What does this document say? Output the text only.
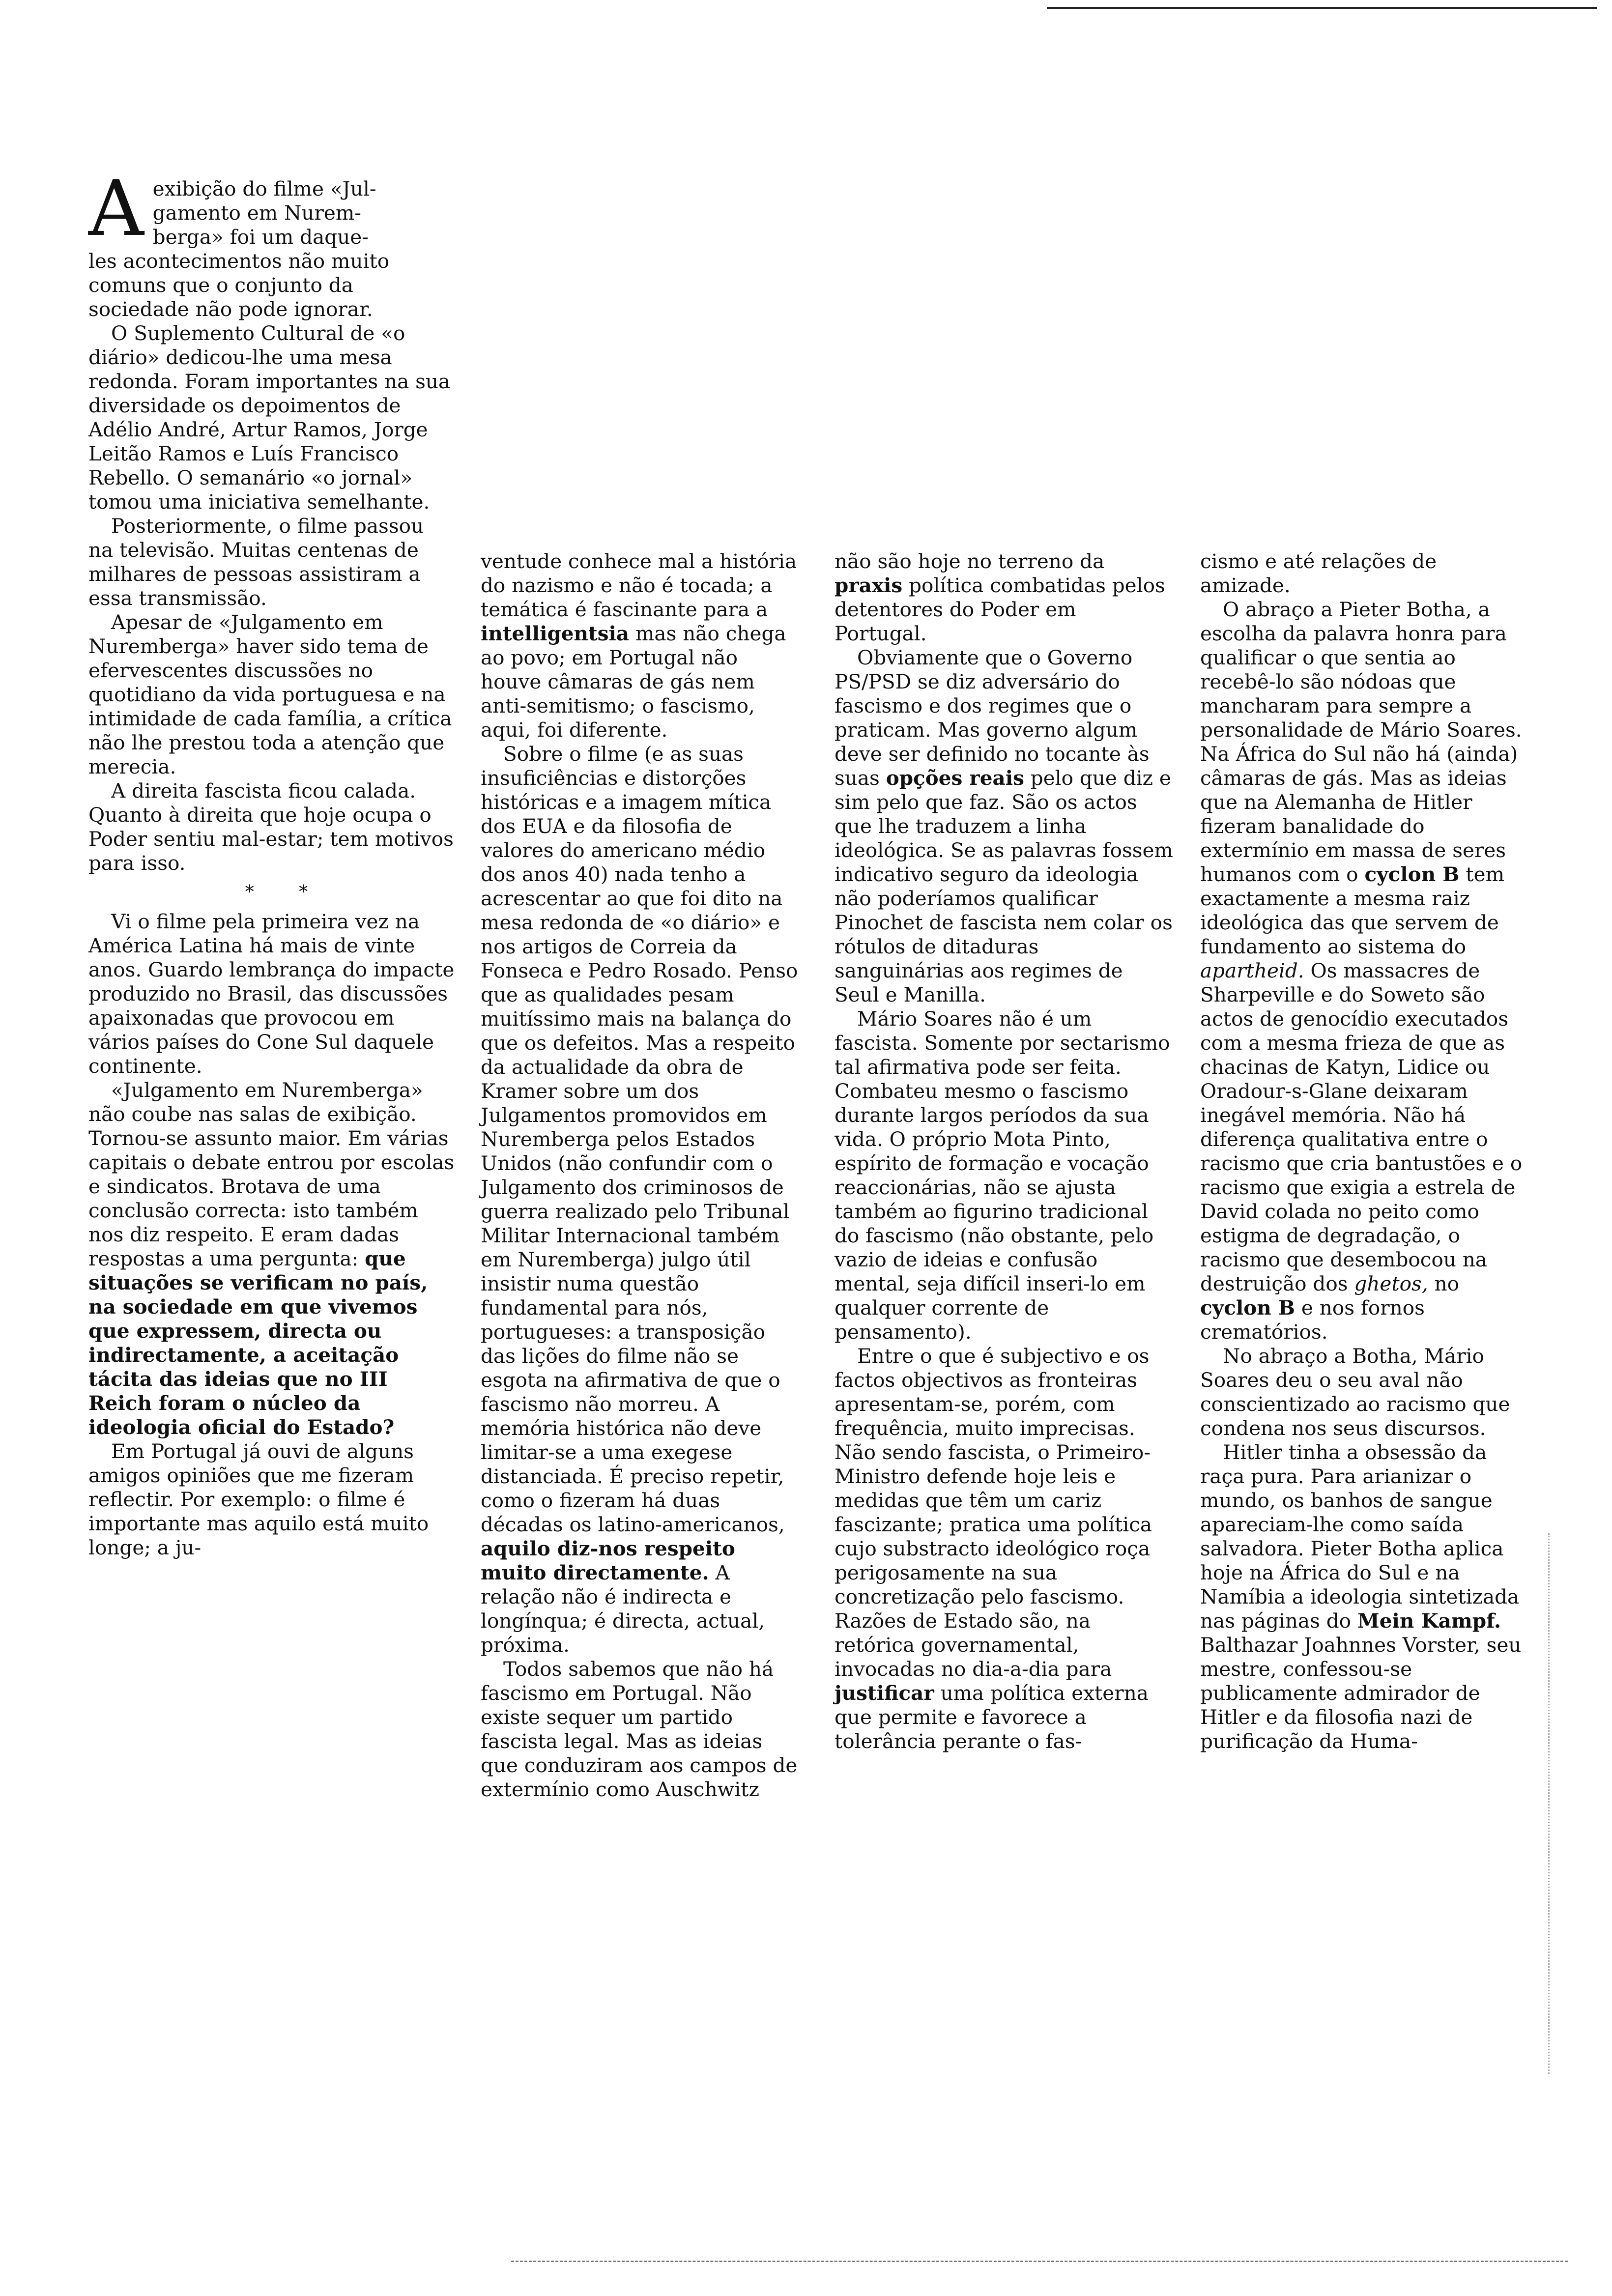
Aexibição do filme «Jul-
gamento em Nurem-
berga» foi um daque-
les acontecimentos não muito comuns que o conjunto da sociedade não pode ignorar.

O Suplemento Cultural de «o diário» dedicou-lhe uma mesa redonda. Foram importantes na sua diversidade os depoimentos de Adélio André, Artur Ramos, Jorge Leitão Ramos e Luís Francisco Rebello. O semanário «o jornal» tomou uma iniciativa semelhante.

Posteriormente, o filme passou na televisão. Muitas centenas de milhares de pessoas assistiram a essa transmissão.

Apesar de «Julgamento em Nuremberga» haver sido tema de efervescentes discussões no quotidiano da vida portuguesa e na intimidade de cada família, a crítica não lhe prestou toda a atenção que merecia.

A direita fascista ficou calada. Quanto à direita que hoje ocupa o Poder sentiu mal-estar; tem motivos para isso.

* *

Vi o filme pela primeira vez na América Latina há mais de vinte anos. Guardo lembrança do impacte produzido no Brasil, das discussões apaixonadas que provocou em vários países do Cone Sul daquele continente.

«Julgamento em Nuremberga» não coube nas salas de exibição. Tornou-se assunto maior. Em várias capitais o debate entrou por escolas e sindicatos. Brotava de uma conclusão correcta: isto também nos diz respeito. E eram dadas respostas a uma pergunta: que situações se verificam no país, na sociedade em que vivemos que expressem, directa ou indirectamente, a aceitação tácita das ideias que no III Reich foram o núcleo da ideologia oficial do Estado?

Em Portugal já ouvi de alguns amigos opiniões que me fizeram reflectir. Por exemplo: o filme é importante mas aquilo está muito longe; a ju-

ventude conhece mal a história do nazismo e não é tocada; a temática é fascinante para a intelligentsia mas não chega ao povo; em Portugal não houve câmaras de gás nem anti-semitismo; o fascismo, aqui, foi diferente.

Sobre o filme (e as suas insuficiências e distorções históricas e a imagem mítica dos EUA e da filosofia de valores do americano médio dos anos 40) nada tenho a acrescentar ao que foi dito na mesa redonda de «o diário» e nos artigos de Correia da Fonseca e Pedro Rosado. Penso que as qualidades pesam muitíssimo mais na balança do que os defeitos. Mas a respeito da actualidade da obra de Kramer sobre um dos Julgamentos promovidos em Nuremberga pelos Estados Unidos (não confundir com o Julgamento dos criminosos de guerra realizado pelo Tribunal Militar Internacional também em Nuremberga) julgo útil insistir numa questão fundamental para nós, portugueses: a transposição das lições do filme não se esgota na afirmativa de que o fascismo não morreu. A memória histórica não deve limitar-se a uma exegese distanciada. É preciso repetir, como o fizeram há duas décadas os latino-americanos, aquilo diz-nos respeito muito directamente. A relação não é indirecta e longínqua; é directa, actual, próxima.

Todos sabemos que não há fascismo em Portugal. Não existe sequer um partido fascista legal. Mas as ideias que conduziram aos campos de extermínio como Auschwitz

não são hoje no terreno da praxis política combatidas pelos detentores do Poder em Portugal.

Obviamente que o Governo PS/PSD se diz adversário do fascismo e dos regimes que o praticam. Mas governo algum deve ser definido no tocante às suas opções reais pelo que diz e sim pelo que faz. São os actos que lhe traduzem a linha ideológica. Se as palavras fossem indicativo seguro da ideologia não poderíamos qualificar Pinochet de fascista nem colar os rótulos de ditaduras sanguinárias aos regimes de Seul e Manilla.

Mário Soares não é um fascista. Somente por sectarismo tal afirmativa pode ser feita. Combateu mesmo o fascismo durante largos períodos da sua vida. O próprio Mota Pinto, espírito de formação e vocação reaccionárias, não se ajusta também ao figurino tradicional do fascismo (não obstante, pelo vazio de ideias e confusão mental, seja difícil inseri-lo em qualquer corrente de pensamento).

Entre o que é subjectivo e os factos objectivos as fronteiras apresentam-se, porém, com frequência, muito imprecisas. Não sendo fascista, o Primeiro-Ministro defende hoje leis e medidas que têm um cariz fascizante; pratica uma política cujo substracto ideológico roça perigosamente na sua concretização pelo fascismo. Razões de Estado são, na retórica governamental, invocadas no dia-a-dia para justificar uma política externa que permite e favorece a tolerância perante o fas-

cismo e até relações de amizade.

O abraço a Pieter Botha, a escolha da palavra honra para qualificar o que sentia ao recebê-lo são nódoas que mancharam para sempre a personalidade de Mário Soares. Na África do Sul não há (ainda) câmaras de gás. Mas as ideias que na Alemanha de Hitler fizeram banalidade do extermínio em massa de seres humanos com o cyclon B tem exactamente a mesma raiz ideológica das que servem de fundamento ao sistema do apartheid. Os massacres de Sharpeville e do Soweto são actos de genocídio executados com a mesma frieza de que as chacinas de Katyn, Lidice ou Oradour-s-Glane deixaram inegável memória. Não há diferença qualitativa entre o racismo que cria bantustões e o racismo que exigia a estrela de David colada no peito como estigma de degradação, o racismo que desembocou na destruição dos ghetos, no cyclon B e nos fornos crematórios.

No abraço a Botha, Mário Soares deu o seu aval não conscientizado ao racismo que condena nos seus discursos.

Hitler tinha a obsessão da raça pura. Para arianizar o mundo, os banhos de sangue apareciam-lhe como saída salvadora. Pieter Botha aplica hoje na África do Sul e na Namíbia a ideologia sintetizada nas páginas do Mein Kampf. Balthazar Joahnnes Vorster, seu mestre, confessou-se publicamente admirador de Hitler e da filosofia nazi de purificação da Huma-
